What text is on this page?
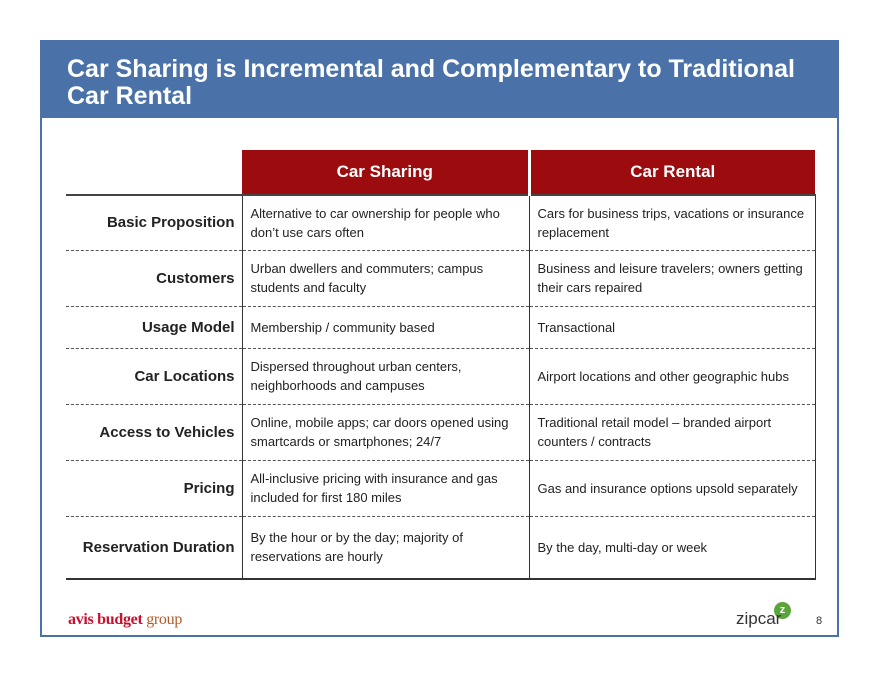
Car Sharing is Incremental and Complementary to Traditional Car Rental
	Car Sharing	Car Rental
Basic Proposition	Alternative to car ownership for people who don’t use cars often	Cars for business trips, vacations or insurance replacement
Customers	Urban dwellers and commuters; campus students and faculty	Business and leisure travelers; owners getting their cars repaired
Usage Model	Membership / community based	Transactional
Car Locations	Dispersed throughout urban centers, neighborhoods and campuses	Airport locations and other geographic hubs
Access to Vehicles	Online, mobile apps; car doors opened using smartcards or smartphones; 24/7	Traditional retail model – branded airport counters / contracts
Pricing	All-inclusive pricing with insurance and gas included for first 180 miles	Gas and insurance options upsold separately
Reservation Duration	By the hour or by the day; majority of reservations are hourly	By the day, multi-day or week
avis budget group
z
zipcar	8
